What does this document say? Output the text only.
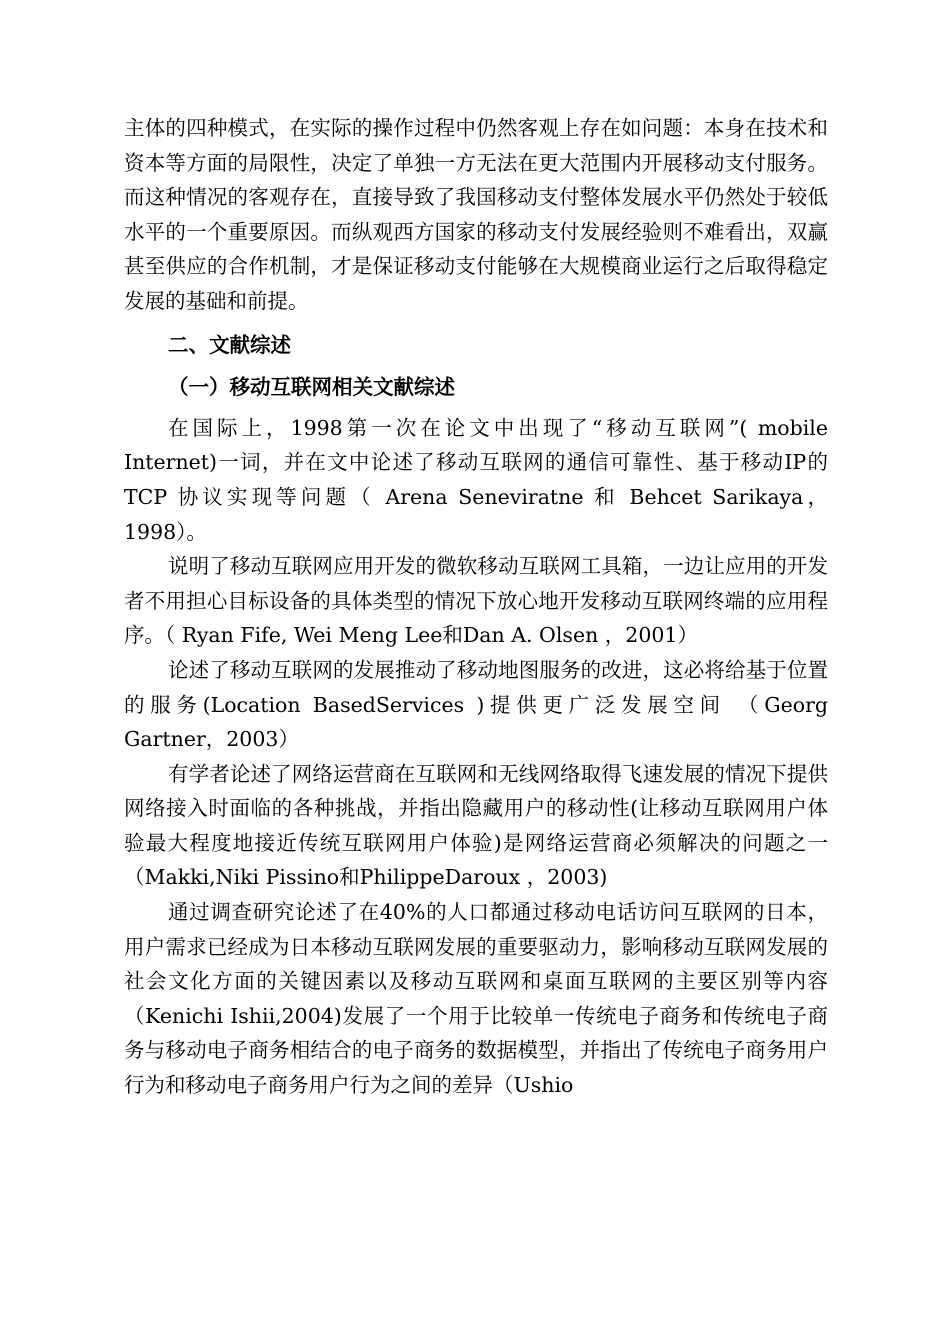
主体的四种模式，在实际的操作过程中仍然客观上存在如问题：本身在技术和资本等方面的局限性，决定了单独一方无法在更大范围内开展移动支付服务。而这种情况的客观存在，直接导致了我国移动支付整体发展水平仍然处于较低水平的一个重要原因。而纵观西方国家的移动支付发展经验则不难看出，双赢甚至供应的合作机制，才是保证移动支付能够在大规模商业运行之后取得稳定发展的基础和前提。

二、文献综述

（一）移动互联网相关文献综述

在国际上，1998第一次在论文中出现了“移动互联网”( mobile Internet)一词，并在文中论述了移动互联网的通信可靠性、基于移动IP的 TCP 协议实现等问题（ Arena Seneviratne 和 Behcet Sarikaya，1998）。

说明了移动互联网应用开发的微软移动互联网工具箱，一边让应用的开发者不用担心目标设备的具体类型的情况下放心地开发移动互联网终端的应用程序。（ Ryan Fife, Wei Meng Lee和Dan A. Olsen ，2001）

论述了移动互联网的发展推动了移动地图服务的改进，这必将给基于位置的服务(Location BasedServices )提供更广泛发展空间 （Georg Gartner，2003）

有学者论述了网络运营商在互联网和无线网络取得飞速发展的情况下提供网络接入时面临的各种挑战，并指出隐藏用户的移动性(让移动互联网用户体验最大程度地接近传统互联网用户体验)是网络运营商必须解决的问题之一（Makki,Niki Pissino和PhilippeDaroux ，2003)

通过调查研究论述了在40%的人口都通过移动电话访问互联网的日本，用户需求已经成为日本移动互联网发展的重要驱动力，影响移动互联网发展的社会文化方面的关键因素以及移动互联网和桌面互联网的主要区别等内容（Kenichi Ishii,2004)发展了一个用于比较单一传统电子商务和传统电子商务与移动电子商务相结合的电子商务的数据模型，并指出了传统电子商务用户行为和移动电子商务用户行为之间的差异（Ushio
